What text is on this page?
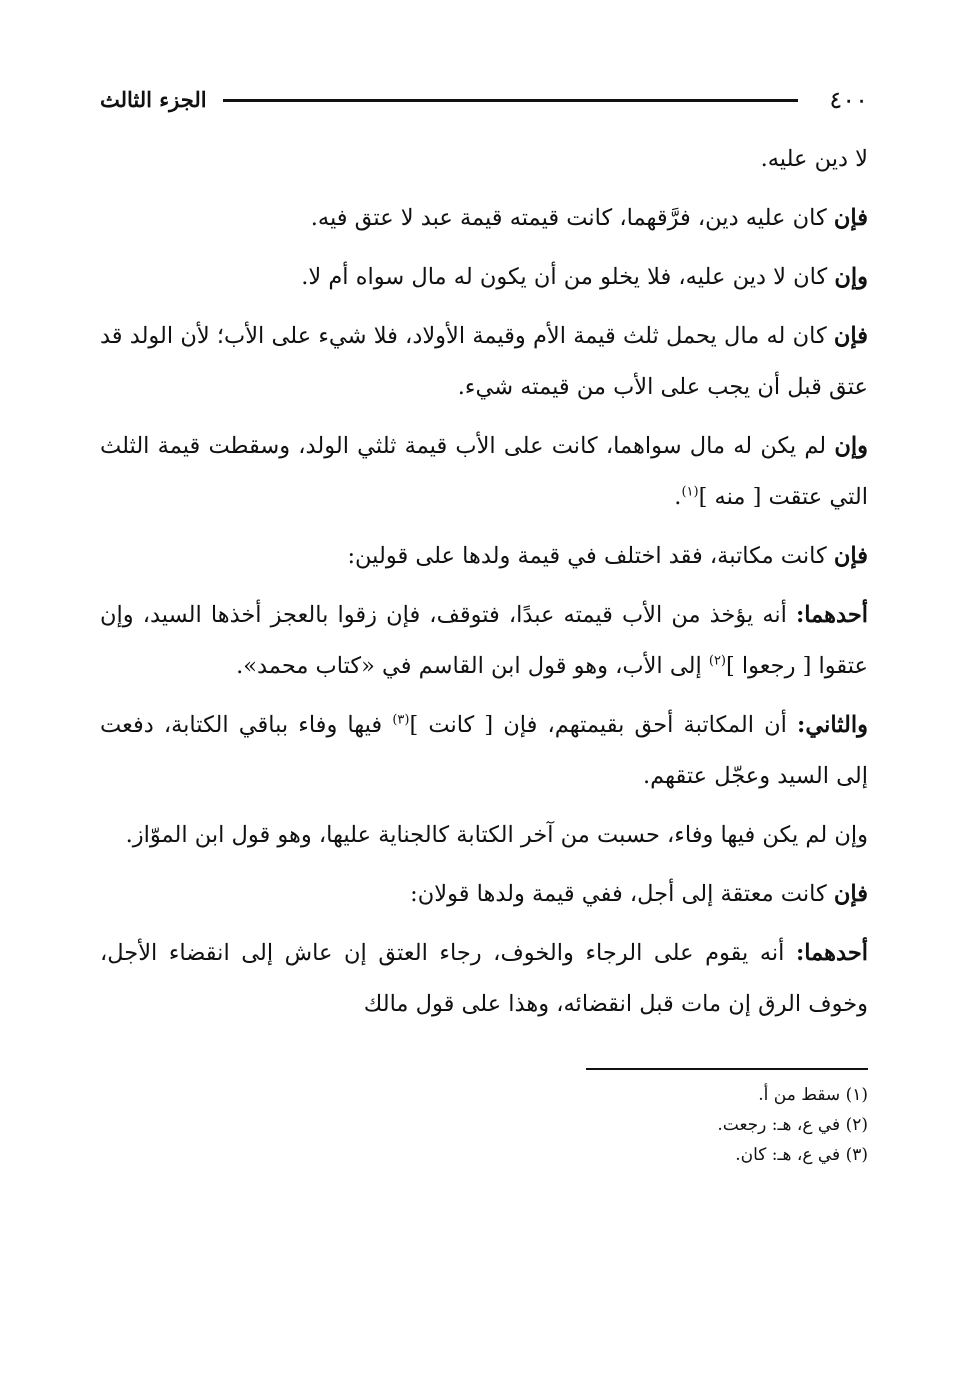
٤٠٠
الجزء الثالث

لا دين عليه.

فإن كان عليه دين، فرَّقهما، كانت قيمته قيمة عبد لا عتق فيه.

وإن كان لا دين عليه، فلا يخلو من أن يكون له مال سواه أم لا.

فإن كان له مال يحمل ثلث قيمة الأم وقيمة الأولاد، فلا شيء على الأب؛ لأن الولد قد عتق قبل أن يجب على الأب من قيمته شيء.

وإن لم يكن له مال سواهما، كانت على الأب قيمة ثلثي الولد، وسقطت قيمة الثلث التي عتقت [ منه ]$^{(١)}$.

فإن كانت مكاتبة، فقد اختلف في قيمة ولدها على قولين:

أحدهما: أنه يؤخذ من الأب قيمته عبدًا، فتوقف، فإن زقوا بالعجز أخذها السيد، وإن عتقوا [ رجعوا ]$^{(٢)}$ إلى الأب، وهو قول ابن القاسم في «كتاب محمد».

والثاني: أن المكاتبة أحق بقيمتهم، فإن [ كانت ]$^{(٣)}$ فيها وفاء بباقي الكتابة، دفعت إلى السيد وعجّل عتقهم.

وإن لم يكن فيها وفاء، حسبت من آخر الكتابة كالجناية عليها، وهو قول ابن الموّاز.

فإن كانت معتقة إلى أجل، ففي قيمة ولدها قولان:

أحدهما: أنه يقوم على الرجاء والخوف، رجاء العتق إن عاش إلى انقضاء الأجل، وخوف الرق إن مات قبل انقضائه، وهذا على قول مالك

(١) سقط من أ.
(٢) في ع، هـ: رجعت.
(٣) في ع، هـ: كان.
